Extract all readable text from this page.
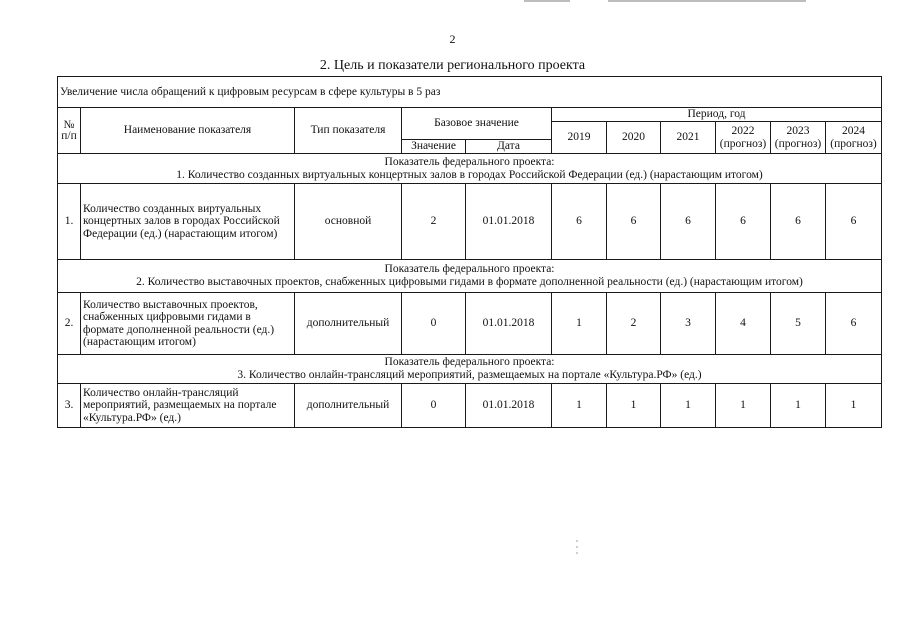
2
2. Цель и показатели регионального проекта
Увеличение числа обращений к цифровым ресурсам в сфере культуры в 5 раз										
№ п/п	Наименование показателя	Тип показателя	Базовое значение		Период, год					
					2019	2020	2021	2022 (прогноз)	2023 (прогноз)	2024 (прогноз)
			Значение	Дата						

Показатель федерального проекта:
1. Количество созданных виртуальных концертных залов в городах Российской Федерации (ед.) (нарастающим итогом)										

1.	Количество созданных виртуальных концертных залов в городах Российской Федерации (ед.) (нарастающим итогом)	основной	2	01.01.2018	6	6	6	6	6	6

Показатель федерального проекта:
2. Количество выставочных проектов, снабженных цифровыми гидами в формате дополненной реальности (ед.) (нарастающим итогом)										

2.	Количество выставочных проектов, снабженных цифровыми гидами в формате дополненной реальности (ед.) (нарастающим итогом)	дополнительный	0	01.01.2018	1	2	3	4	5	6

Показатель федерального проекта:
3. Количество онлайн-трансляций мероприятий, размещаемых на портале «Культура.РФ» (ед.)										

3.	Количество онлайн-трансляций мероприятий, размещаемых на портале «Культура.РФ» (ед.)	дополнительный	0	01.01.2018	1	1	1	1	1	1
